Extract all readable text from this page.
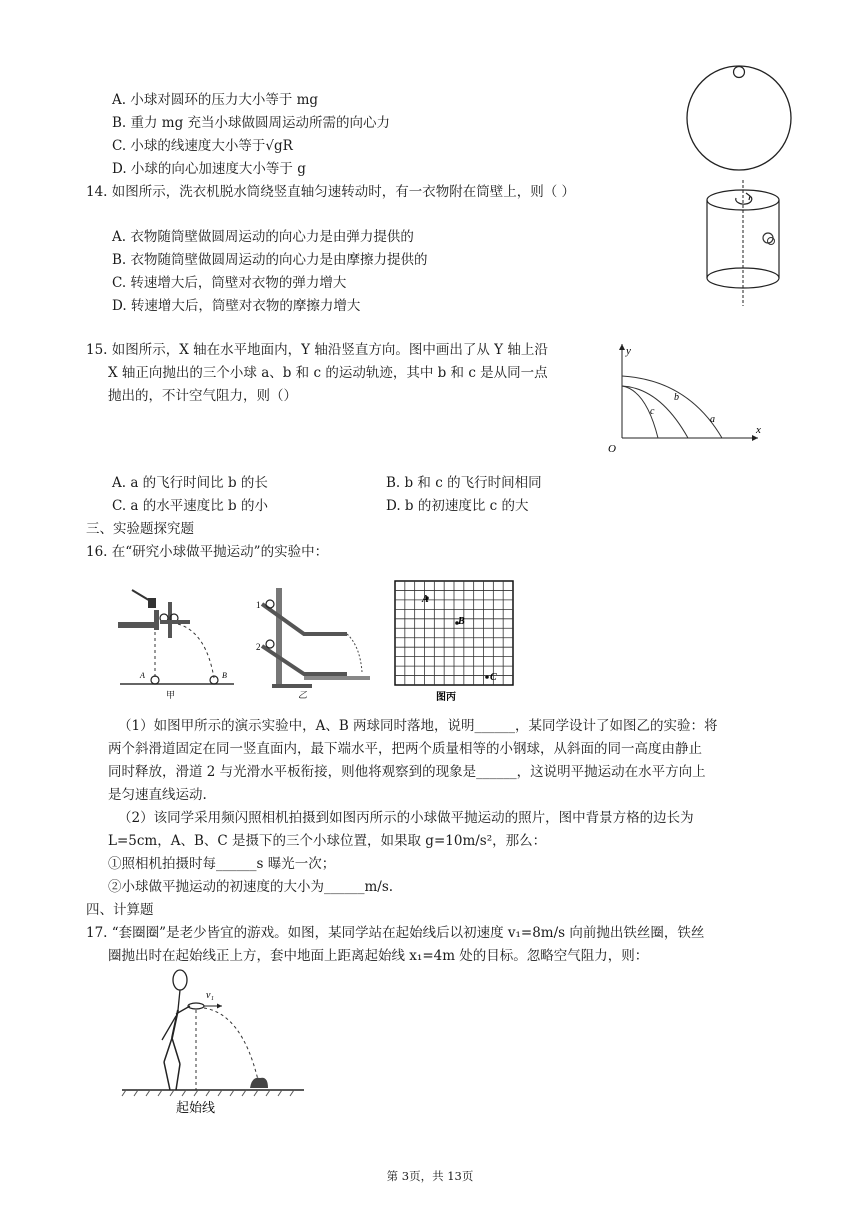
A. 小球对圆环的压力大小等于 mg
B. 重力 mg 充当小球做圆周运动所需的向心力
C. 小球的线速度大小等于√gR
D. 小球的向心加速度大小等于 g
14. 如图所示，洗衣机脱水筒绕竖直轴匀速转动时，有一衣物附在筒壁上，则（ ）
A. 衣物随筒壁做圆周运动的向心力是由弹力提供的
B. 衣物随筒壁做圆周运动的向心力是由摩擦力提供的
C. 转速增大后，筒壁对衣物的弹力增大
D. 转速增大后，筒壁对衣物的摩擦力增大
15. 如图所示，X 轴在水平地面内，Y 轴沿竖直方向。图中画出了从 Y 轴上沿
X 轴正向抛出的三个小球 a、b 和 c 的运动轨迹，其中 b 和 c 是从同一点
抛出的，不计空气阻力，则（）
A. a 的飞行时间比 b 的长	B. b 和 c 的飞行时间相同
C. a 的水平速度比 b 的小	D. b 的初速度比 c 的大
y
x
O
a
b
c
三、实验题探究题
16. 在“研究小球做平抛运动”的实验中：
A	B
甲
1
2
乙
A
B
C
图丙
（1）如图甲所示的演示实验中，A、B 两球同时落地，说明______，某同学设计了如图乙的实验：将
两个斜滑道固定在同一竖直面内，最下端水平，把两个质量相等的小钢球，从斜面的同一高度由静止
同时释放，滑道 2 与光滑水平板衔接，则他将观察到的现象是______，这说明平抛运动在水平方向上
是匀速直线运动.
（2）该同学采用频闪照相机拍摄到如图丙所示的小球做平抛运动的照片，图中背景方格的边长为
L=5cm，A、B、C 是摄下的三个小球位置，如果取 g=10m/s²，那么：
①照相机拍摄时每______s 曝光一次；
②小球做平抛运动的初速度的大小为______m/s.
四、计算题
17. “套圈圈”是老少皆宜的游戏。如图，某同学站在起始线后以初速度 v₁=8m/s 向前抛出铁丝圈，铁丝
圈抛出时在起始线正上方，套中地面上距离起始线 x₁=4m 处的目标。忽略空气阻力，则：
v₁
起始线
第 3页，共 13页
